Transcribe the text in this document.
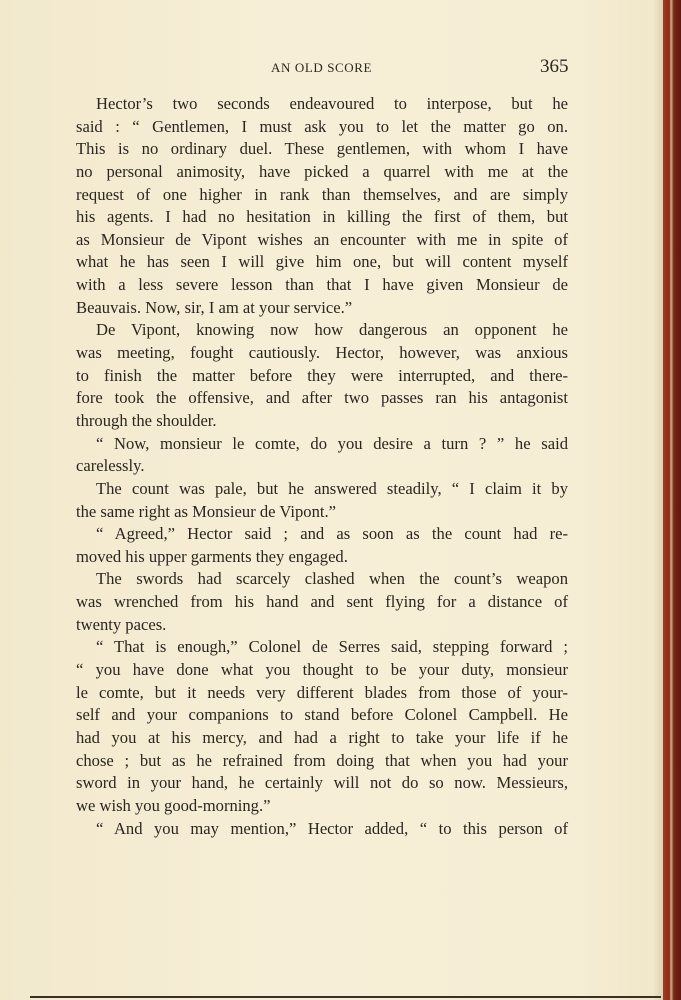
AN OLD SCORE	365
Hector’s two seconds endeavoured to interpose, but he
said : “ Gentlemen, I must ask you to let the matter go on.
This is no ordinary duel. These gentlemen, with whom I have
no personal animosity, have picked a quarrel with me at the
request of one higher in rank than themselves, and are simply
his agents. I had no hesitation in killing the first of them, but
as Monsieur de Vipont wishes an encounter with me in spite of
what he has seen I will give him one, but will content myself
with a less severe lesson than that I have given Monsieur de
Beauvais. Now, sir, I am at your service.”
De Vipont, knowing now how dangerous an opponent he
was meeting, fought cautiously. Hector, however, was anxious
to finish the matter before they were interrupted, and there-
fore took the offensive, and after two passes ran his antagonist
through the shoulder.
“ Now, monsieur le comte, do you desire a turn ? ” he said
carelessly.
The count was pale, but he answered steadily, “ I claim it by
the same right as Monsieur de Vipont.”
“ Agreed,” Hector said ; and as soon as the count had re-
moved his upper garments they engaged.
The swords had scarcely clashed when the count’s weapon
was wrenched from his hand and sent flying for a distance of
twenty paces.
“ That is enough,” Colonel de Serres said, stepping forward ;
“ you have done what you thought to be your duty, monsieur
le comte, but it needs very different blades from those of your-
self and your companions to stand before Colonel Campbell. He
had you at his mercy, and had a right to take your life if he
chose ; but as he refrained from doing that when you had your
sword in your hand, he certainly will not do so now. Messieurs,
we wish you good-morning.”
“ And you may mention,” Hector added, “ to this person of
